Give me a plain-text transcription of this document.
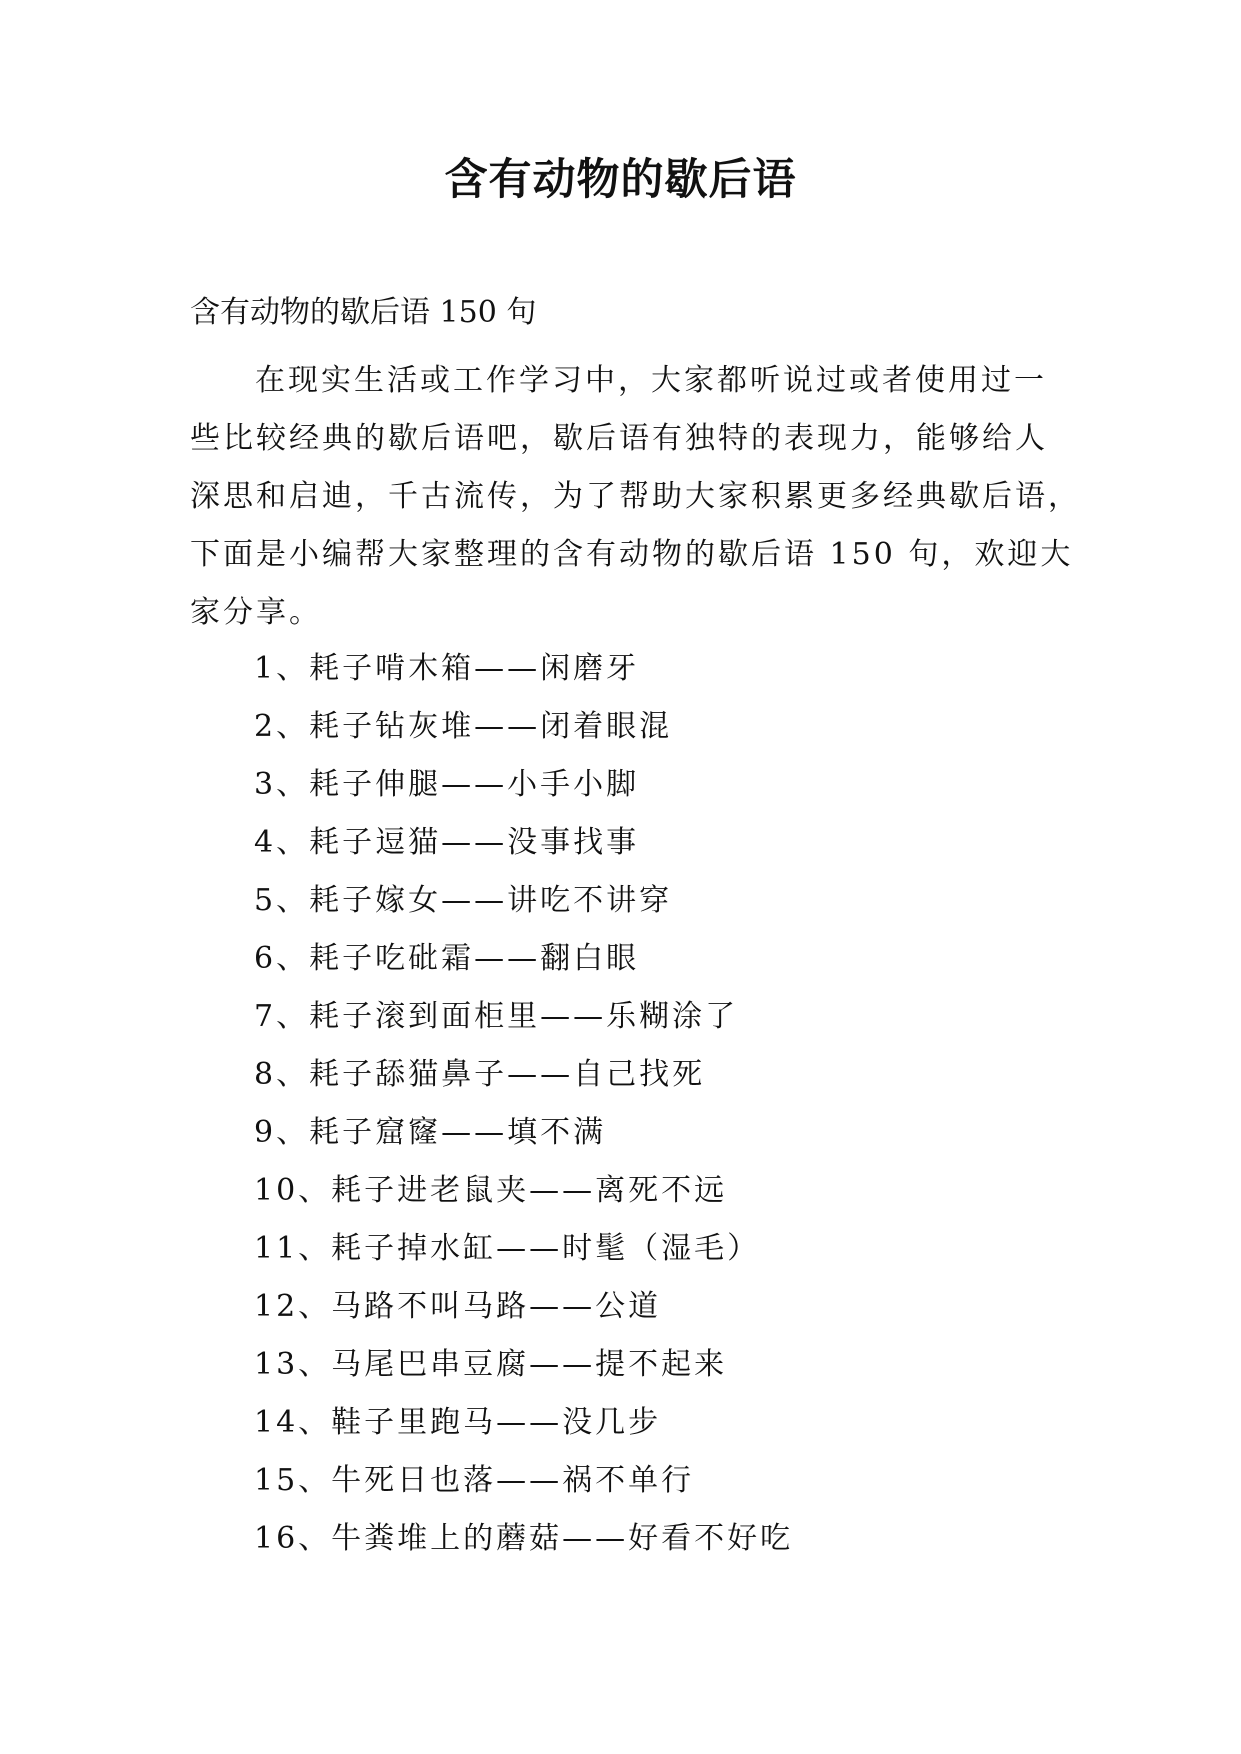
含有动物的歇后语

含有动物的歇后语 150 句

在现实生活或工作学习中，大家都听说过或者使用过一
些比较经典的歇后语吧，歇后语有独特的表现力，能够给人
深思和启迪，千古流传，为了帮助大家积累更多经典歇后语，
下面是小编帮大家整理的含有动物的歇后语 150 句，欢迎大
家分享。

1、耗子啃木箱——闲磨牙
2、耗子钻灰堆——闭着眼混
3、耗子伸腿——小手小脚
4、耗子逗猫——没事找事
5、耗子嫁女——讲吃不讲穿
6、耗子吃砒霜——翻白眼
7、耗子滚到面柜里——乐糊涂了
8、耗子舔猫鼻子——自己找死
9、耗子窟窿——填不满
10、耗子进老鼠夹——离死不远
11、耗子掉水缸——时髦（湿毛）
12、马路不叫马路——公道
13、马尾巴串豆腐——提不起来
14、鞋子里跑马——没几步
15、牛死日也落——祸不单行
16、牛粪堆上的蘑菇——好看不好吃
